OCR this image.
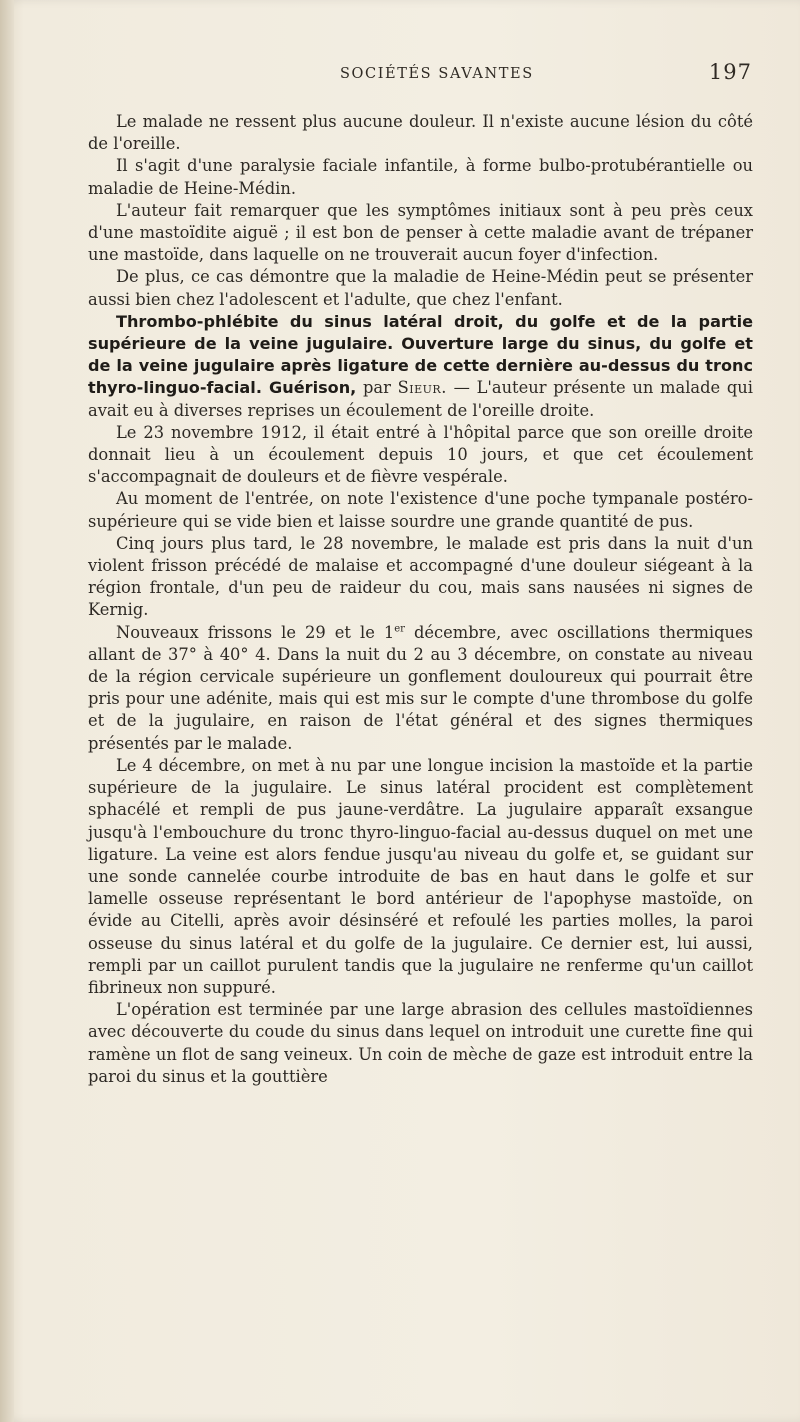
SOCIÉTÉS SAVANTES	197

Le malade ne ressent plus aucune douleur. Il n'existe aucune lésion du côté de l'oreille.

Il s'agit d'une paralysie faciale infantile, à forme bulbo-protubérantielle ou maladie de Heine-Médin.

L'auteur fait remarquer que les symptômes initiaux sont à peu près ceux d'une mastoïdite aiguë ; il est bon de penser à cette maladie avant de trépaner une mastoïde, dans laquelle on ne trouverait aucun foyer d'infection.

De plus, ce cas démontre que la maladie de Heine-Médin peut se présenter aussi bien chez l'adolescent et l'adulte, que chez l'enfant.

Thrombo-phlébite du sinus latéral droit, du golfe et de la partie supérieure de la veine jugulaire. Ouverture large du sinus, du golfe et de la veine jugulaire après ligature de cette dernière au-dessus du tronc thyro-linguo-facial. Guérison, par Sieur. — L'auteur présente un malade qui avait eu à diverses reprises un écoulement de l'oreille droite.

Le 23 novembre 1912, il était entré à l'hôpital parce que son oreille droite donnait lieu à un écoulement depuis 10 jours, et que cet écoulement s'accompagnait de douleurs et de fièvre vespérale.

Au moment de l'entrée, on note l'existence d'une poche tympanale postéro-supérieure qui se vide bien et laisse sourdre une grande quantité de pus.

Cinq jours plus tard, le 28 novembre, le malade est pris dans la nuit d'un violent frisson précédé de malaise et accompagné d'une douleur siégeant à la région frontale, d'un peu de raideur du cou, mais sans nausées ni signes de Kernig.

Nouveaux frissons le 29 et le 1er décembre, avec oscillations thermiques allant de 37° à 40° 4. Dans la nuit du 2 au 3 décembre, on constate au niveau de la région cervicale supérieure un gonflement douloureux qui pourrait être pris pour une adénite, mais qui est mis sur le compte d'une thrombose du golfe et de la jugulaire, en raison de l'état général et des signes thermiques présentés par le malade.

Le 4 décembre, on met à nu par une longue incision la mastoïde et la partie supérieure de la jugulaire. Le sinus latéral procident est complètement sphacélé et rempli de pus jaune-verdâtre. La jugulaire apparaît exsangue jusqu'à l'embouchure du tronc thyro-linguo-facial au-dessus duquel on met une ligature. La veine est alors fendue jusqu'au niveau du golfe et, se guidant sur une sonde cannelée courbe introduite de bas en haut dans le golfe et sur lamelle osseuse représentant le bord antérieur de l'apophyse mastoïde, on évide au Citelli, après avoir désinséré et refoulé les parties molles, la paroi osseuse du sinus latéral et du golfe de la jugulaire. Ce dernier est, lui aussi, rempli par un caillot purulent tandis que la jugulaire ne renferme qu'un caillot fibrineux non suppuré.

L'opération est terminée par une large abrasion des cellules mastoïdiennes avec découverte du coude du sinus dans lequel on introduit une curette fine qui ramène un flot de sang veineux. Un coin de mèche de gaze est introduit entre la paroi du sinus et la gouttière
